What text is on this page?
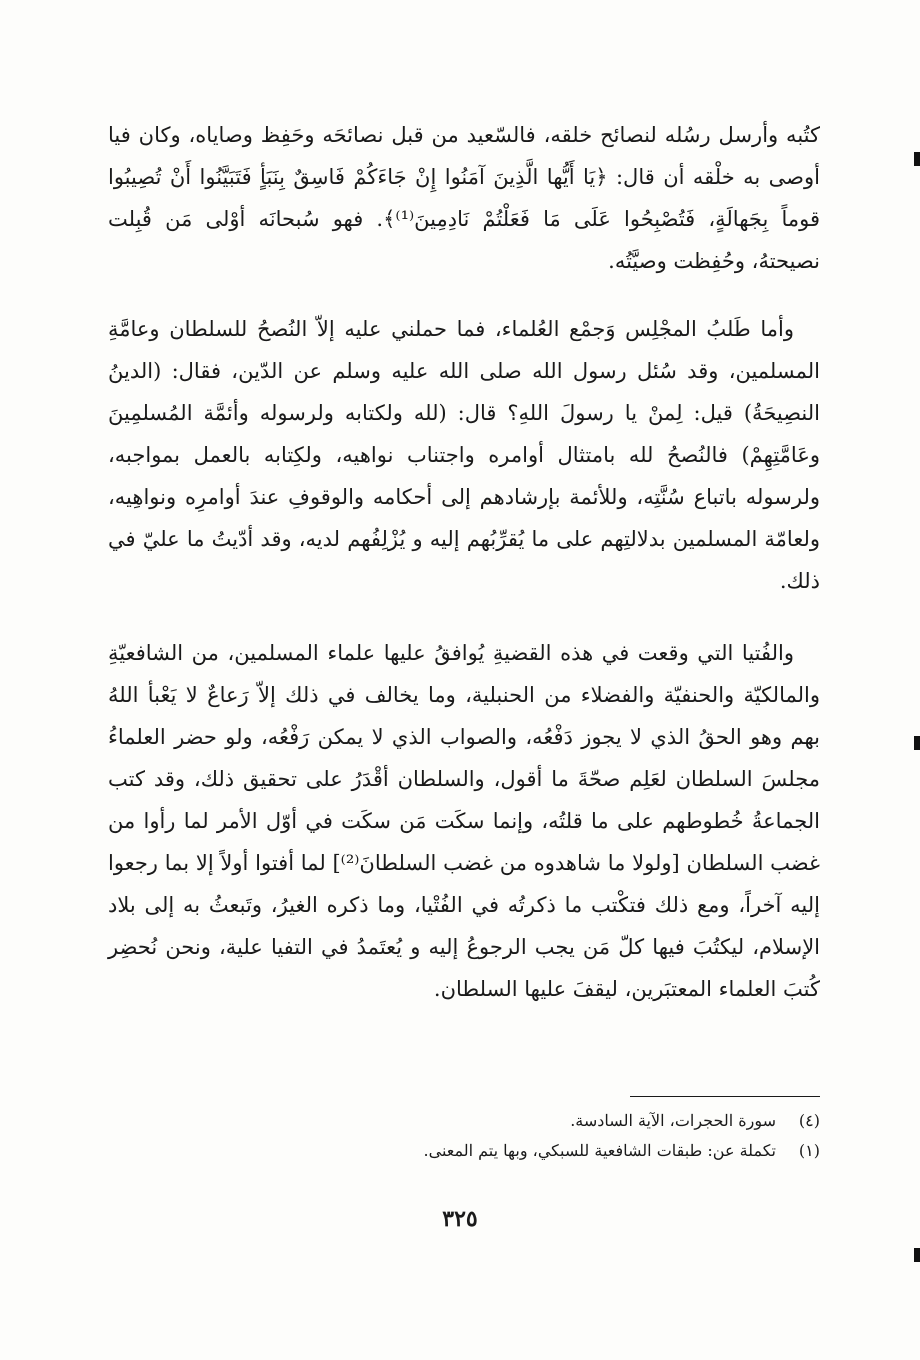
كتُبه وأرسل رسُله لنصائح خلقه، فالسّعيد من قبل نصائحَه وحَفِظ وصاياه، وكان فيا أوصى به خلْقه أن قال: ﴿يَا أَيُّها الَّذِينَ آمَنُوا إِنْ جَاءَكُمْ فَاسِقٌ بِنَبَأٍ فَتَبَيَّنُوا أَنْ تُصِيبُوا قوماً بِجَهالَةٍ، فَتُصْبِحُوا عَلَى مَا فَعَلْتُمْ نَادِمِينَ⁽¹⁾﴾. فهو سُبحانَه أوْلى مَن قُبِلت نصيحتهُ، وحُفِظت وصيَّتُه.

وأما طَلبُ المجْلِس وَجمْع العُلماء، فما حملني عليه إلاّ النُصحُ للسلطان وعامَّةِ المسلمين، وقد سُئل رسول الله صلى الله عليه وسلم عن الدّين، فقال: (الدينُ النصِيحَةُ) قيل: لِمنْ يا رسولَ اللهِ؟ قال: (لله ولكتابه ولرسوله وأئمَّة المُسلمِينَ وعَامَّتِهِمْ) فالنُصحُ لله بامتثال أوامره واجتناب نواهيه، ولكِتابه بالعمل بمواجبه، ولرسوله باتباع سُنَّتِه، وللأئمة بإرشادهم إلى أحكامه والوقوفِ عندَ أوامرِه ونواهِيه، ولعامّة المسلمين بدلالتِهم على ما يُقرِّبُهم إليه و يُزْلِفُهم لديه، وقد أدّيتُ ما عليّ في ذلك.

والفُتيا التي وقعت في هذه القضيةِ يُوافقُ عليها علماء المسلمين، من الشافعيّةِ والمالكيّة والحنفيّة والفضلاء من الحنبلية، وما يخالف في ذلك إلاّ رَعاعٌ لا يَعْبأ اللهُ بهم وهو الحقُ الذي لا يجوز دَفْعُه، والصواب الذي لا يمكن رَفْعُه، ولو حضر العلماءُ مجلسَ السلطان لعَلِم صحّةَ ما أقول، والسلطان أقْدَرُ على تحقيق ذلك، وقد كتب الجماعةُ خُطوطهم على ما قلتُه، وإنما سكَت مَن سكَت في أوّل الأمر لما رأوا من غضب السلطان [ولولا ما شاهدوه من غضب السلطانَ⁽²⁾] لما أفتوا أولاً إلا بما رجعوا إليه آخراً، ومع ذلك فتكْتب ما ذكرتُه في الفُتْيا، وما ذكره الغيرُ، وتَبعثُ به إلى بلاد الإسلام، ليكتُبَ فيها كلّ مَن يجب الرجوعُ إليه و يُعتَمدُ في التفيا علية، ونحن نُحضِر كُتبَ العلماء المعتبَرين، ليقفَ عليها السلطان.

(٤)
سورة الحجرات، الآية السادسة.
(١)
تكملة عن: طبقات الشافعية للسبكي، وبها يتم المعنى.
٣٢٥
